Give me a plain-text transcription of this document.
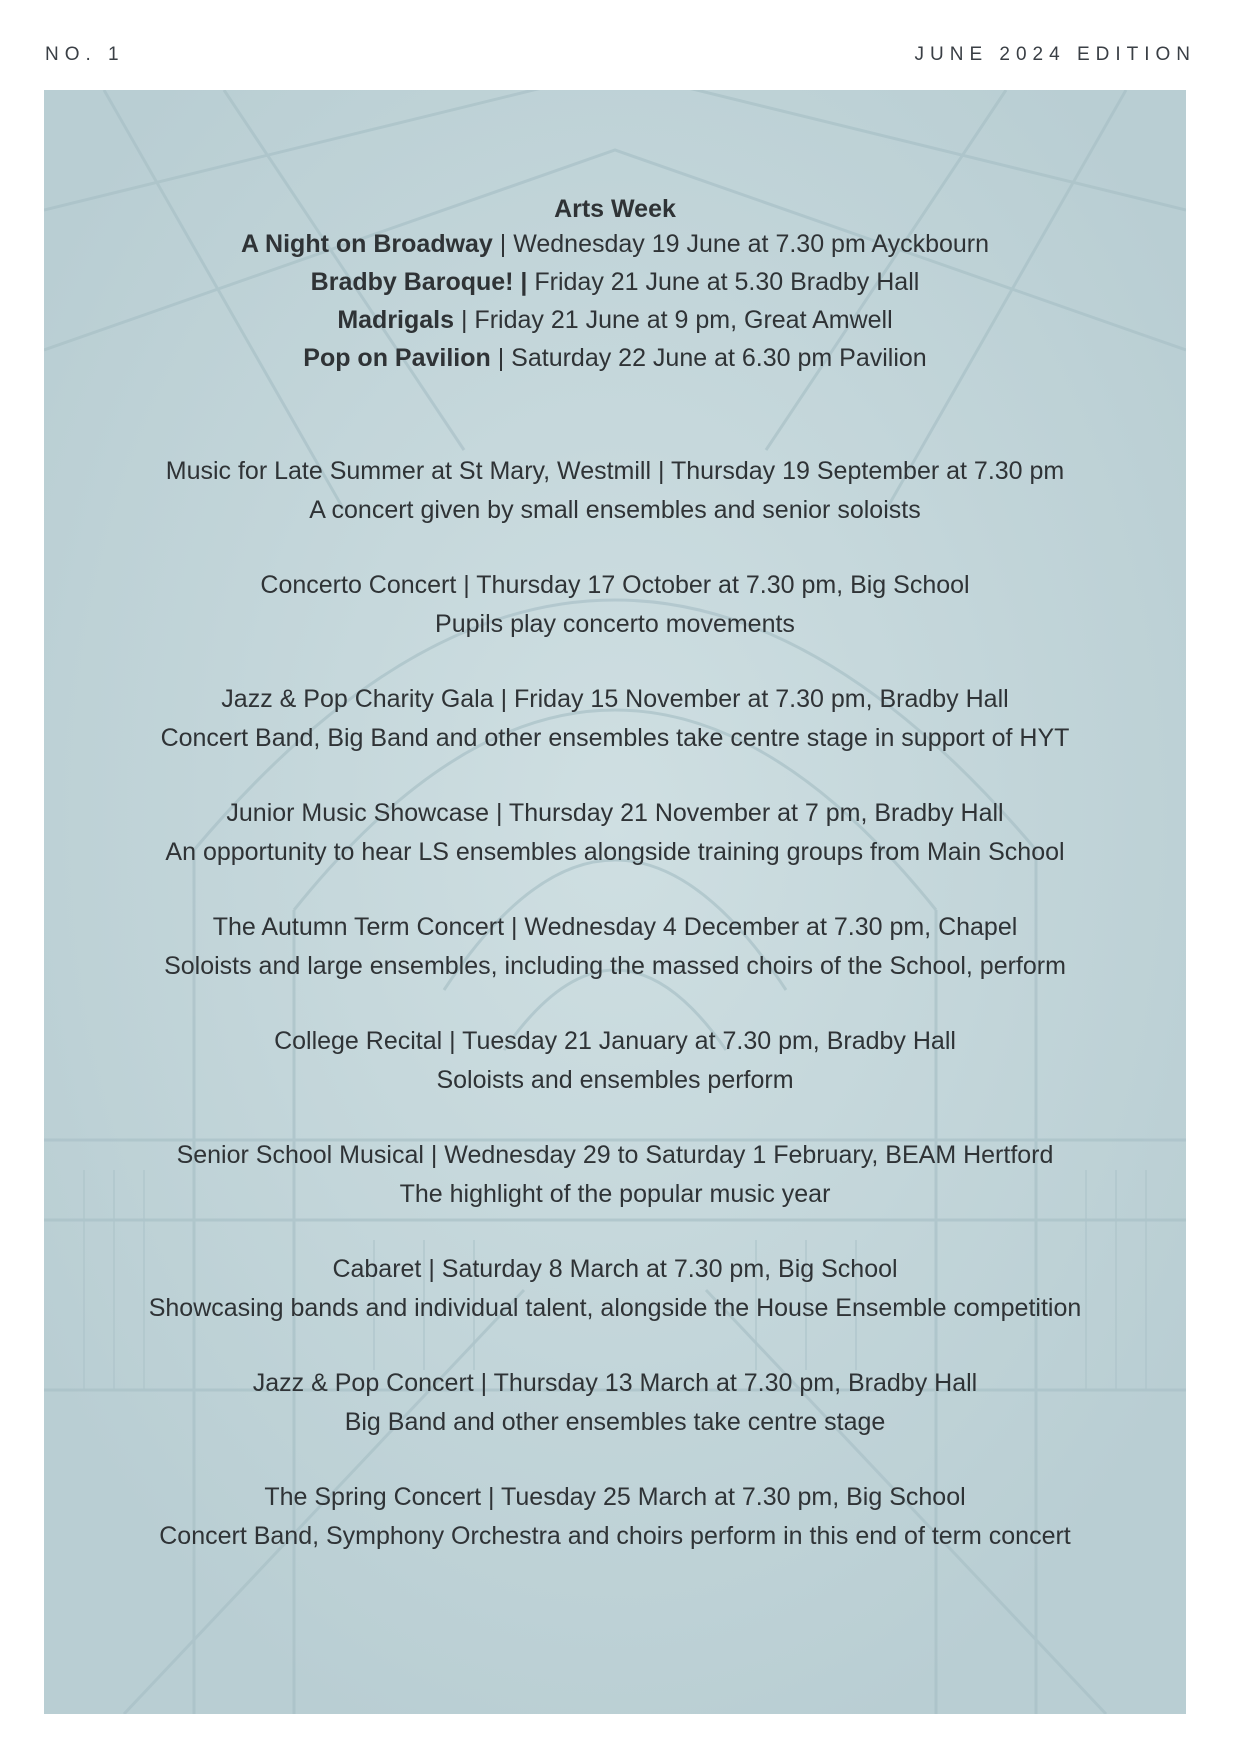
NO. 1	JUNE 2024 EDITION
Arts Week
A Night on Broadway | Wednesday 19 June at 7.30 pm Ayckbourn
Bradby Baroque! | Friday 21 June at 5.30 Bradby Hall
Madrigals | Friday 21 June at 9 pm, Great Amwell
Pop on Pavilion | Saturday 22 June at 6.30 pm Pavilion
Music for Late Summer at St Mary, Westmill | Thursday 19 September at 7.30 pm
A concert given by small ensembles and senior soloists
Concerto Concert | Thursday 17 October at 7.30 pm, Big School
Pupils play concerto movements
Jazz & Pop Charity Gala | Friday 15 November at 7.30 pm, Bradby Hall
Concert Band, Big Band and other ensembles take centre stage in support of HYT
Junior Music Showcase | Thursday 21 November at 7 pm, Bradby Hall
An opportunity to hear LS ensembles alongside training groups from Main School
The Autumn Term Concert | Wednesday 4 December at 7.30 pm, Chapel
Soloists and large ensembles, including the massed choirs of the School, perform
College Recital | Tuesday 21 January at 7.30 pm, Bradby Hall
Soloists and ensembles perform
Senior School Musical | Wednesday 29 to Saturday 1 February, BEAM Hertford
The highlight of the popular music year
Cabaret | Saturday 8 March at 7.30 pm, Big School
Showcasing bands and individual talent, alongside the House Ensemble competition
Jazz & Pop Concert | Thursday 13 March at 7.30 pm, Bradby Hall
Big Band and other ensembles take centre stage
The Spring Concert | Tuesday 25 March at 7.30 pm, Big School
Concert Band, Symphony Orchestra and choirs perform in this end of term concert
